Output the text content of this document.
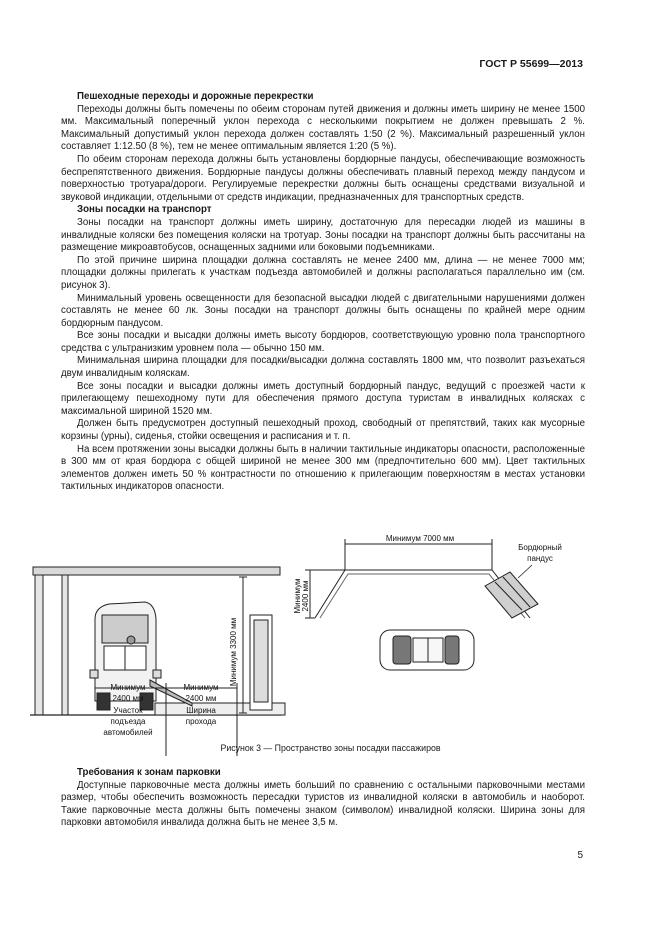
ГОСТ Р 55699—2013
Пешеходные переходы и дорожные перекрестки

Переходы должны быть помечены по обеим сторонам путей движения и должны иметь ширину не менее 1500 мм. Максимальный поперечный уклон перехода с несколькими покрытием не должен превышать 2 %. Максимальный допустимый уклон перехода должен составлять 1:50 (2 %). Максимальный разрешенный уклон составляет 1:12.50 (8 %), тем не менее оптимальным является 1:20 (5 %).

По обеим сторонам перехода должны быть установлены бордюрные пандусы, обеспечивающие возможность беспрепятственного движения. Бордюрные пандусы должны обеспечивать плавный переход между пандусом и поверхностью тротуара/дороги. Регулируемые перекрестки должны быть оснащены средствами визуальной и звуковой индикации, отдельными от средств индикации, предназначенных для транспортных средств.

Зоны посадки на транспорт

Зоны посадки на транспорт должны иметь ширину, достаточную для пересадки людей из машины в инвалидные коляски без помещения коляски на тротуар. Зоны посадки на транспорт должны быть рассчитаны на размещение микроавтобусов, оснащенных задними или боковыми подъемниками.

По этой причине ширина площадки должна составлять не менее 2400 мм, длина — не менее 7000 мм; площадки должны прилегать к участкам подъезда автомобилей и должны располагаться параллельно им (см. рисунок 3).

Минимальный уровень освещенности для безопасной высадки людей с двигательными нарушениями должен составлять не менее 60 лк. Зоны посадки на транспорт должны быть оснащены по крайней мере одним бордюрным пандусом.

Все зоны посадки и высадки должны иметь высоту бордюров, соответствующую уровню пола транспортного средства с ультранизким уровнем пола — обычно 150 мм.

Минимальная ширина площадки для посадки/высадки должна составлять 1800 мм, что позволит разъехаться двум инвалидным коляскам.

Все зоны посадки и высадки должны иметь доступный бордюрный пандус, ведущий с проезжей части к прилегающему пешеходному пути для обеспечения прямого доступа туристам в инвалидных колясках с максимальной шириной 1520 мм.

Должен быть предусмотрен доступный пешеходный проход, свободный от препятствий, таких как мусорные корзины (урны), сиденья, стойки освещения и расписания и т. п.

На всем протяжении зоны высадки должны быть в наличии тактильные индикаторы опасности, расположенные в 300 мм от края бордюра с общей шириной не менее 300 мм (предпочтительно 600 мм). Цвет тактильных элементов должен иметь 50 % контрастности по отношению к прилегающим поверхностям в местах установки тактильных индикаторов опасности.

Минимум 3300 мм
Минимум
2400 мм
Участок
подъезда
автомобилей
Минимум
2400 мм
Ширина
прохода
Минимум 7000 мм
Минимум 2400 мм
Бордюрный
пандус
Рисунок 3 — Пространство зоны посадки пассажиров
Требования к зонам парковки

Доступные парковочные места должны иметь больший по сравнению с остальными парковочными местами размер, чтобы обеспечить возможность пересадки туристов из инвалидной коляски в автомобиль и наоборот. Такие парковочные места должны быть помечены знаком (символом) инвалидной коляски. Ширина зоны для парковки автомобиля инвалида должна быть не менее 3,5 м.

5
